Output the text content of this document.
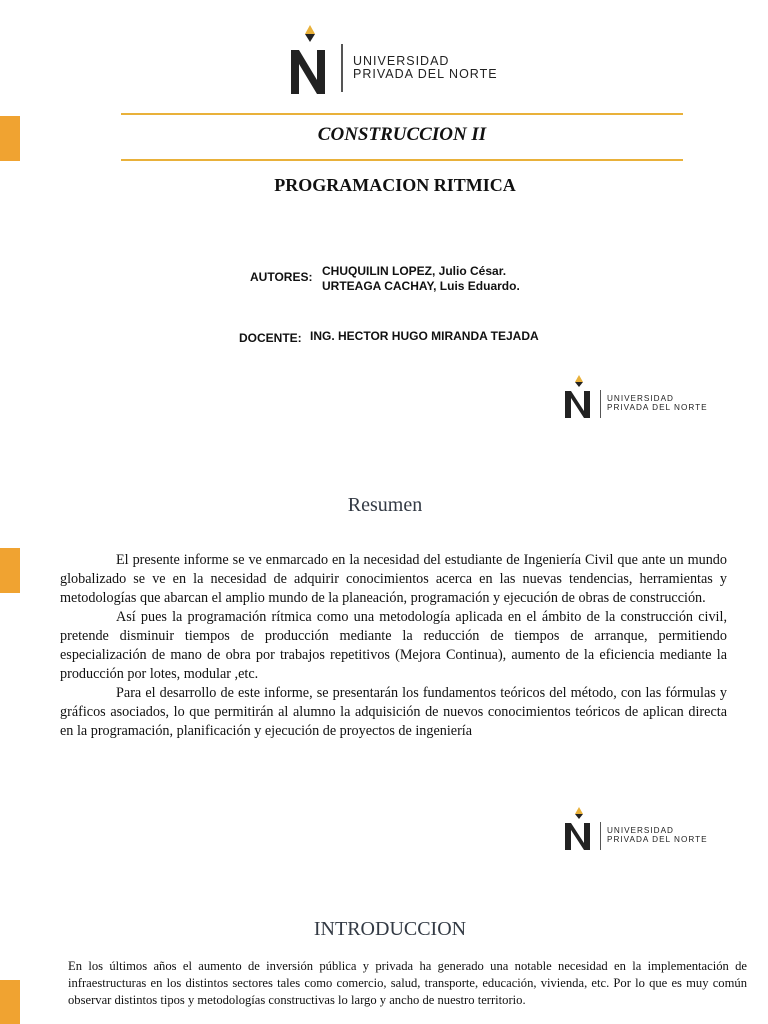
UNIVERSIDAD
PRIVADA DEL NORTE
CONSTRUCCION II
PROGRAMACION RITMICA
AUTORES: CHUQUILIN LOPEZ, Julio César.
URTEAGA CACHAY, Luis Eduardo.
DOCENTE: ING. HECTOR HUGO MIRANDA TEJADA
UNIVERSIDAD
PRIVADA DEL NORTE
Resumen

El presente informe se ve enmarcado en la necesidad del estudiante de Ingeniería Civil que ante un mundo globalizado se ve en la necesidad de adquirir conocimientos acerca en las nuevas tendencias, herramientas y metodologías que abarcan el amplio mundo de la planeación, programación y ejecución de obras de construcción.

Así pues la programación rítmica como una metodología aplicada en el ámbito de la construcción civil, pretende disminuir tiempos de producción mediante la reducción de tiempos de arranque, permitiendo especialización de mano de obra por trabajos repetitivos (Mejora Continua), aumento de la eficiencia mediante la producción por lotes, modular ,etc.

Para el desarrollo de este informe, se presentarán los fundamentos teóricos del método, con las fórmulas y gráficos asociados, lo que permitirán al alumno la adquisición de nuevos conocimientos teóricos de aplican directa en la programación, planificación y ejecución de proyectos de ingeniería

UNIVERSIDAD
PRIVADA DEL NORTE
INTRODUCCION
En los últimos años el aumento de inversión pública y privada ha generado una notable necesidad en la implementación de infraestructuras en los distintos sectores tales como comercio, salud, transporte, educación, vivienda, etc. Por lo que es muy común observar distintos tipos y metodologías constructivas lo largo y ancho de nuestro territorio.
